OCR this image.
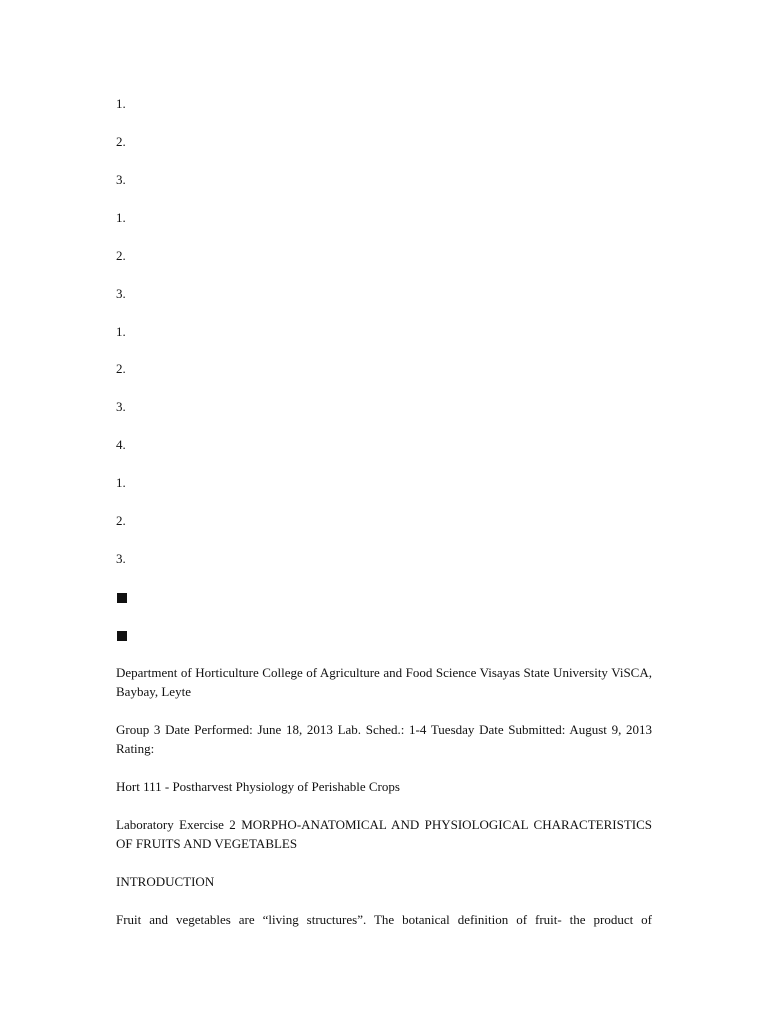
1.
2.
3.
1.
2.
3.
1.
2.
3.
4.
1.
2.
3.
Department of Horticulture College of Agriculture and Food Science Visayas State University ViSCA, Baybay, Leyte
Group 3 Date Performed: June 18, 2013 Lab. Sched.: 1-4 Tuesday Date Submitted: August 9, 2013 Rating:
Hort 111 - Postharvest Physiology of Perishable Crops
Laboratory Exercise 2 MORPHO-ANATOMICAL AND PHYSIOLOGICAL CHARACTERISTICS OF FRUITS AND VEGETABLES
INTRODUCTION
Fruit and vegetables are “living structures”. The botanical definition of fruit- the product of
